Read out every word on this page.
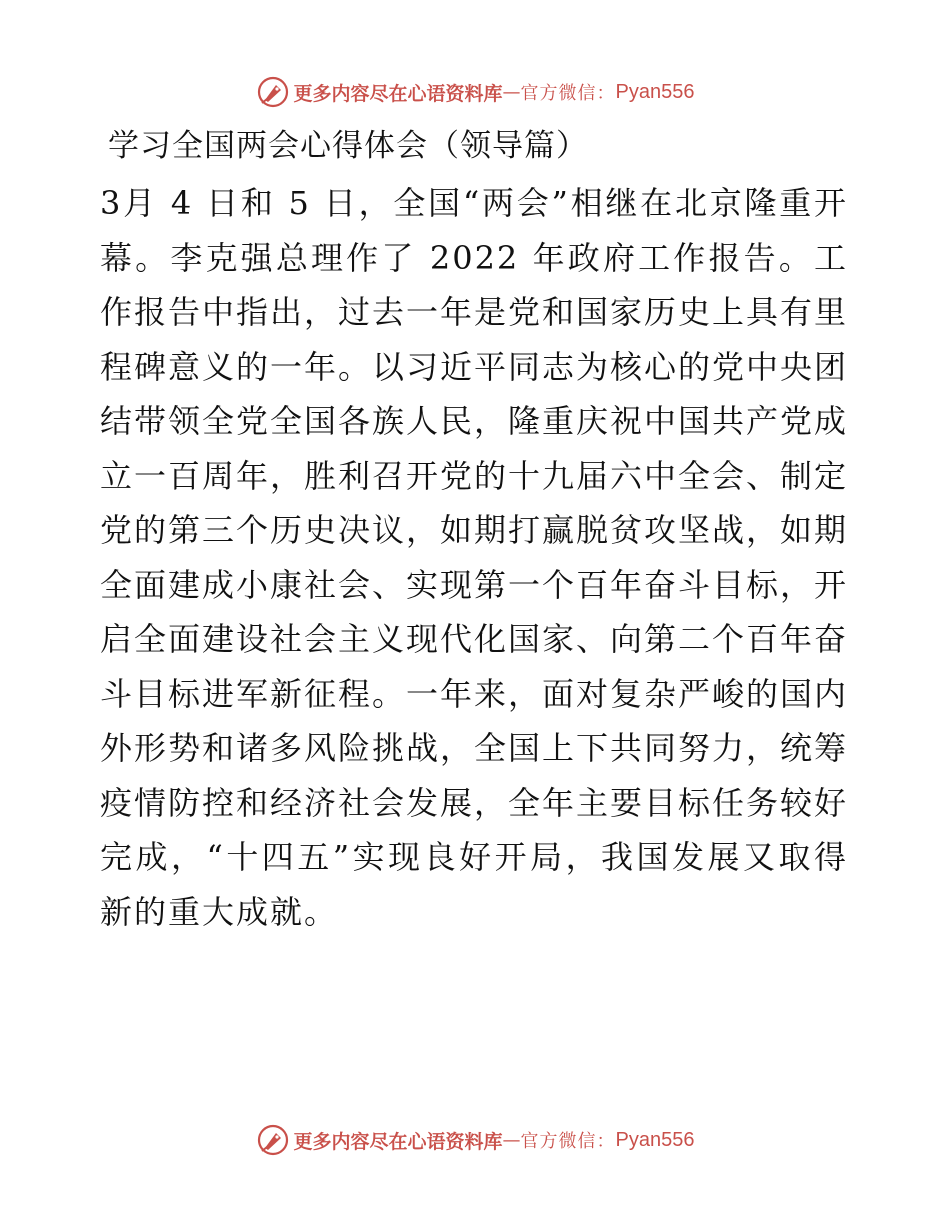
更多内容尽在心语资料库 — 官方微信： Pyan556
学习全国两会心得体会（领导篇）

3月 4 日和 5 日，全国“两会”相继在北京隆重开幕。李克强总理作了 2022 年政府工作报告。工作报告中指出，过去一年是党和国家历史上具有里程碑意义的一年。以习近平同志为核心的党中央团结带领全党全国各族人民，隆重庆祝中国共产党成立一百周年，胜利召开党的十九届六中全会、制定党的第三个历史决议，如期打赢脱贫攻坚战，如期全面建成小康社会、实现第一个百年奋斗目标，开启全面建设社会主义现代化国家、向第二个百年奋斗目标进军新征程。一年来，面对复杂严峻的国内外形势和诸多风险挑战，全国上下共同努力，统筹疫情防控和经济社会发展，全年主要目标任务较好完成，“十四五”实现良好开局，我国发展又取得新的重大成就。

更多内容尽在心语资料库 — 官方微信： Pyan556
